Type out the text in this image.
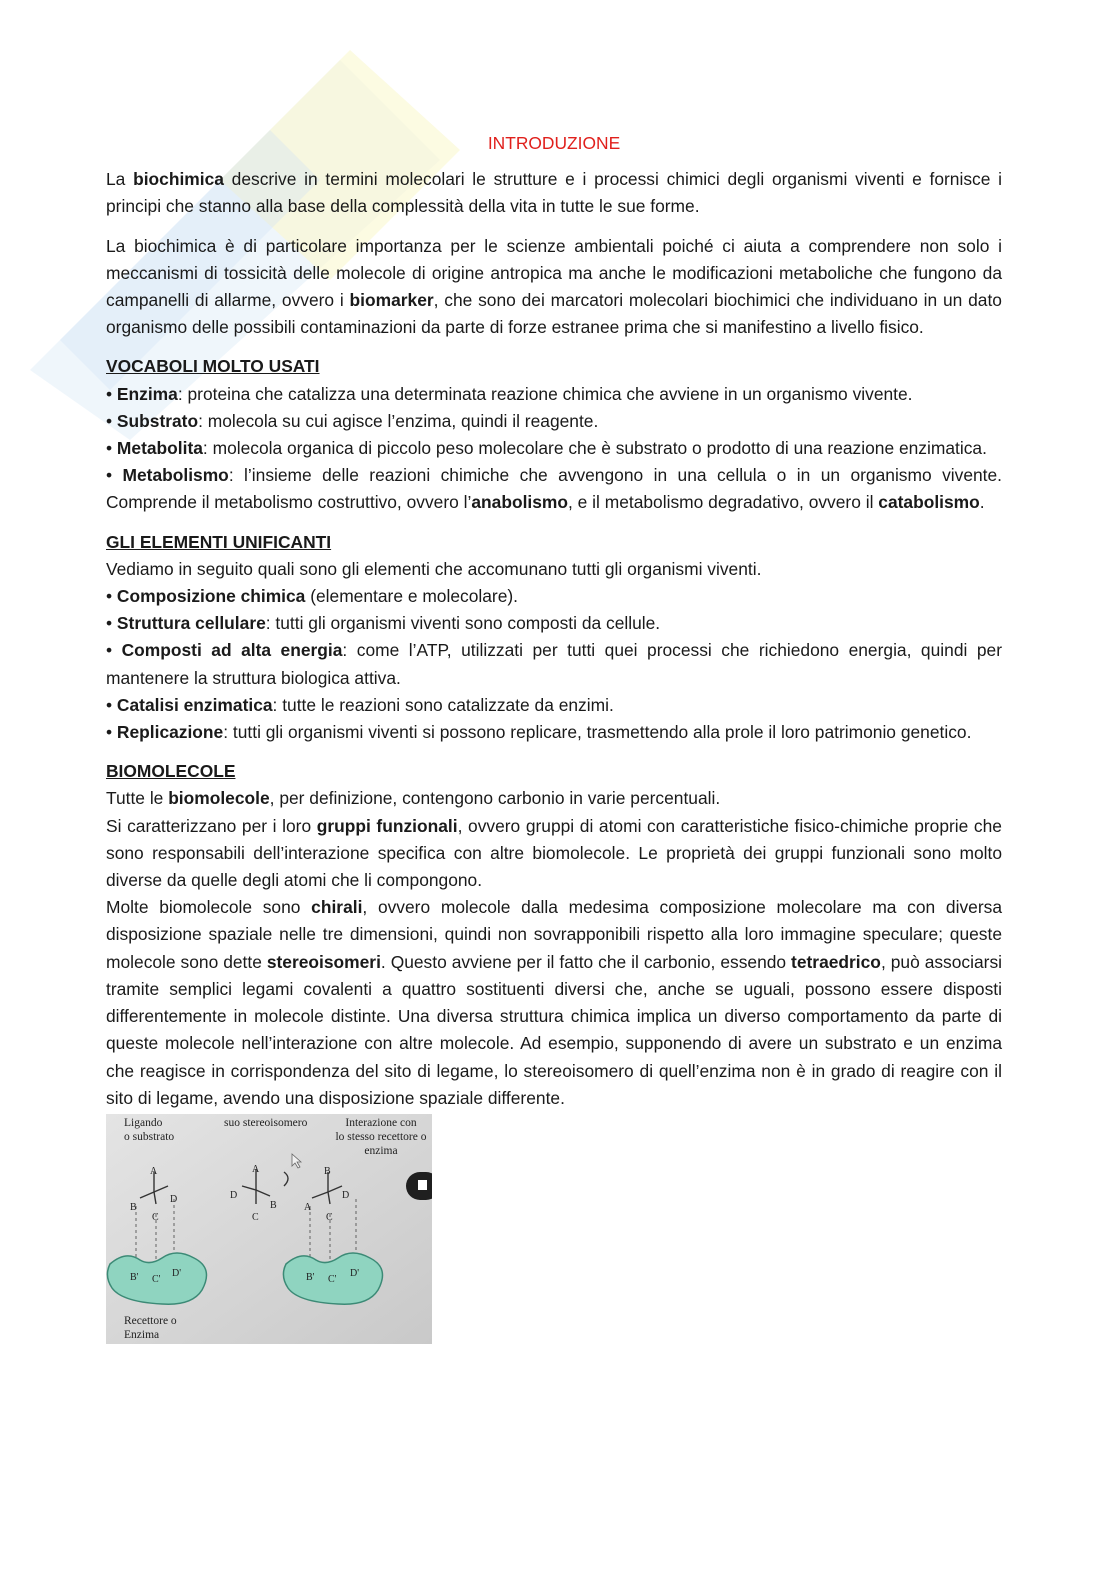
INTRODUZIONE

La biochimica descrive in termini molecolari le strutture e i processi chimici degli organismi viventi e fornisce i principi che stanno alla base della complessità della vita in tutte le sue forme.

La biochimica è di particolare importanza per le scienze ambientali poiché ci aiuta a comprendere non solo i meccanismi di tossicità delle molecole di origine antropica ma anche le modificazioni metaboliche che fungono da campanelli di allarme, ovvero i biomarker, che sono dei marcatori molecolari biochimici che individuano in un dato organismo delle possibili contaminazioni da parte di forze estranee prima che si manifestino a livello fisico.

VOCABOLI MOLTO USATI

• Enzima: proteina che catalizza una determinata reazione chimica che avviene in un organismo vivente.

• Substrato: molecola su cui agisce l’enzima, quindi il reagente.

• Metabolita: molecola organica di piccolo peso molecolare che è substrato o prodotto di una reazione enzimatica.

• Metabolismo: l’insieme delle reazioni chimiche che avvengono in una cellula o in un organismo vivente. Comprende il metabolismo costruttivo, ovvero l’anabolismo, e il metabolismo degradativo, ovvero il catabolismo.

GLI ELEMENTI UNIFICANTI

Vediamo in seguito quali sono gli elementi che accomunano tutti gli organismi viventi.

• Composizione chimica (elementare e molecolare).

• Struttura cellulare: tutti gli organismi viventi sono composti da cellule.

• Composti ad alta energia: come l’ATP, utilizzati per tutti quei processi che richiedono energia, quindi per mantenere la struttura biologica attiva.

• Catalisi enzimatica: tutte le reazioni sono catalizzate da enzimi.

• Replicazione: tutti gli organismi viventi si possono replicare, trasmettendo alla prole il loro patrimonio genetico.

BIOMOLECOLE

Tutte le biomolecole, per definizione, contengono carbonio in varie percentuali.

Si caratterizzano per i loro gruppi funzionali, ovvero gruppi di atomi con caratteristiche fisico-chimiche proprie che sono responsabili dell’interazione specifica con altre biomolecole. Le proprietà dei gruppi funzionali sono molto diverse da quelle degli atomi che li compongono.

Molte biomolecole sono chirali, ovvero molecole dalla medesima composizione molecolare ma con diversa disposizione spaziale nelle tre dimensioni, quindi non sovrapponibili rispetto alla loro immagine speculare; queste molecole sono dette stereoisomeri. Questo avviene per il fatto che il carbonio, essendo tetraedrico, può associarsi tramite semplici legami covalenti a quattro sostituenti diversi che, anche se uguali, possono essere disposti differentemente in molecole distinte. Una diversa struttura chimica implica un diverso comportamento da parte di queste molecole nell’interazione con altre molecole. Ad esempio, supponendo di avere un substrato e un enzima che reagisce in corrispondenza del sito di legame, lo stereoisomero di quell’enzima non è in grado di reagire con il sito di legame, avendo una disposizione spaziale differente.

Ligando
o substrato
suo stereoisomero	Interazione con
lo stesso recettore o
enzima
Recettore o
Enzima
A
B
C
D
B' C'
D'
A
D
B
C
B
A
C
D
B' C'
D'
